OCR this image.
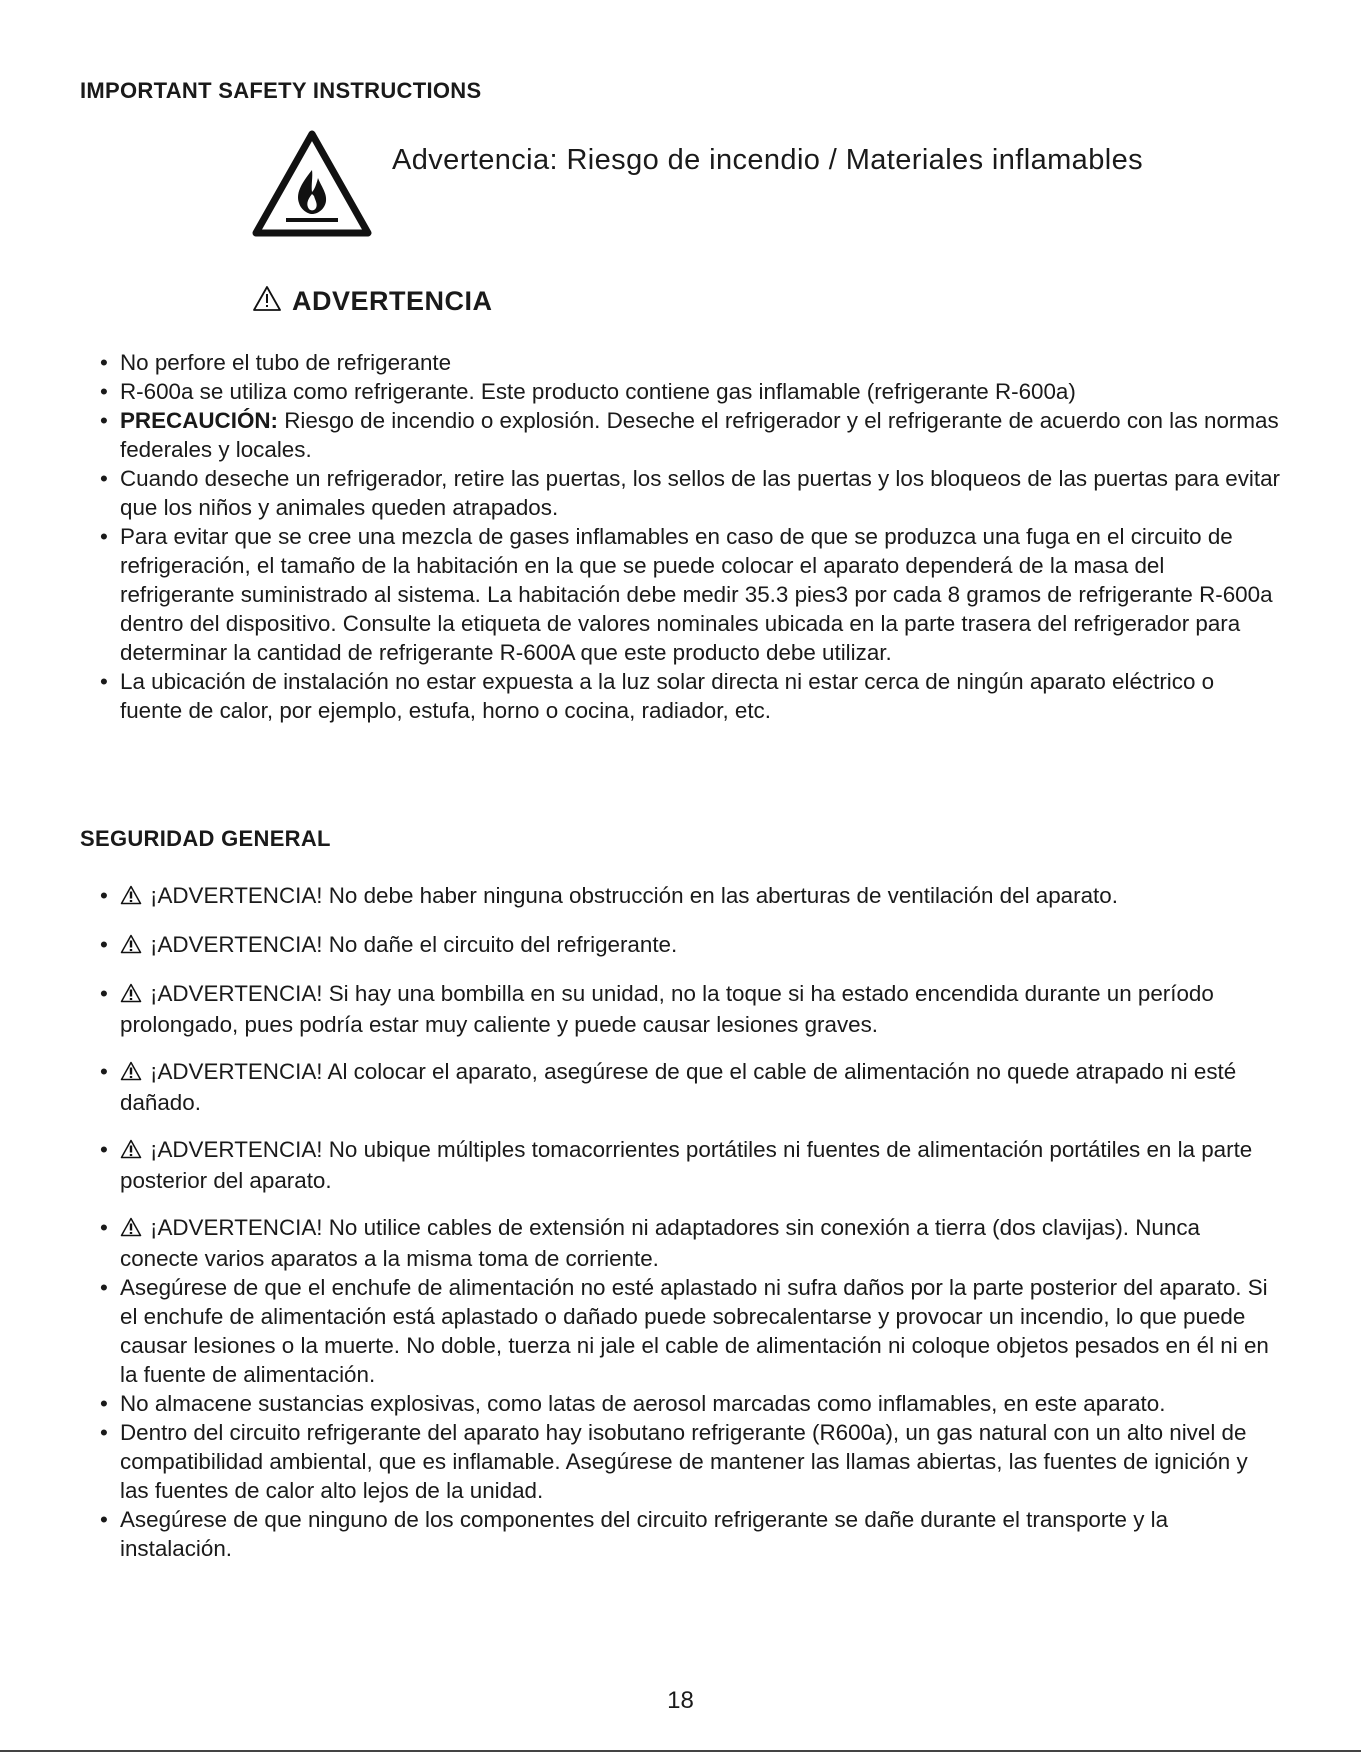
IMPORTANT SAFETY INSTRUCTIONS
Advertencia: Riesgo de incendio / Materiales inflamables
ADVERTENCIA
• No perfore el tubo de refrigerante
• R-600a se utiliza como refrigerante. Este producto contiene gas inflamable (refrigerante R-600a)
• PRECAUCIÓN: Riesgo de incendio o explosión. Deseche el refrigerador y el refrigerante de acuerdo con las normas federales y locales.
• Cuando deseche un refrigerador, retire las puertas, los sellos de las puertas y los bloqueos de las puertas para evitar que los niños y animales queden atrapados.
• Para evitar que se cree una mezcla de gases inflamables en caso de que se produzca una fuga en el circuito de refrigeración, el tamaño de la habitación en la que se puede colocar el aparato dependerá de la masa del refrigerante suministrado al sistema. La habitación debe medir 35.3 pies3 por cada 8 gramos de refrigerante R-600a dentro del dispositivo. Consulte la etiqueta de valores nominales ubicada en la parte trasera del refrigerador para determinar la cantidad de refrigerante R-600A que este producto debe utilizar.
• La ubicación de instalación no estar expuesta a la luz solar directa ni estar cerca de ningún aparato eléctrico o fuente de calor, por ejemplo, estufa, horno o cocina, radiador, etc.
SEGURIDAD GENERAL
• ¡ADVERTENCIA! No debe haber ninguna obstrucción en las aberturas de ventilación del aparato.
• ¡ADVERTENCIA! No dañe el circuito del refrigerante.
• ¡ADVERTENCIA! Si hay una bombilla en su unidad, no la toque si ha estado encendida durante un período prolongado, pues podría estar muy caliente y puede causar lesiones graves.
• ¡ADVERTENCIA! Al colocar el aparato, asegúrese de que el cable de alimentación no quede atrapado ni esté dañado.
• ¡ADVERTENCIA! No ubique múltiples tomacorrientes portátiles ni fuentes de alimentación portátiles en la parte posterior del aparato.
• ¡ADVERTENCIA! No utilice cables de extensión ni adaptadores sin conexión a tierra (dos clavijas). Nunca conecte varios aparatos a la misma toma de corriente.
• Asegúrese de que el enchufe de alimentación no esté aplastado ni sufra daños por la parte posterior del aparato. Si el enchufe de alimentación está aplastado o dañado puede sobrecalentarse y provocar un incendio, lo que puede causar lesiones o la muerte. No doble, tuerza ni jale el cable de alimentación ni coloque objetos pesados en él ni en la fuente de alimentación.
• No almacene sustancias explosivas, como latas de aerosol marcadas como inflamables, en este aparato.
• Dentro del circuito refrigerante del aparato hay isobutano refrigerante (R600a), un gas natural con un alto nivel de compatibilidad ambiental, que es inflamable. Asegúrese de mantener las llamas abiertas, las fuentes de ignición y las fuentes de calor alto lejos de la unidad.
• Asegúrese de que ninguno de los componentes del circuito refrigerante se dañe durante el transporte y la instalación.
18
